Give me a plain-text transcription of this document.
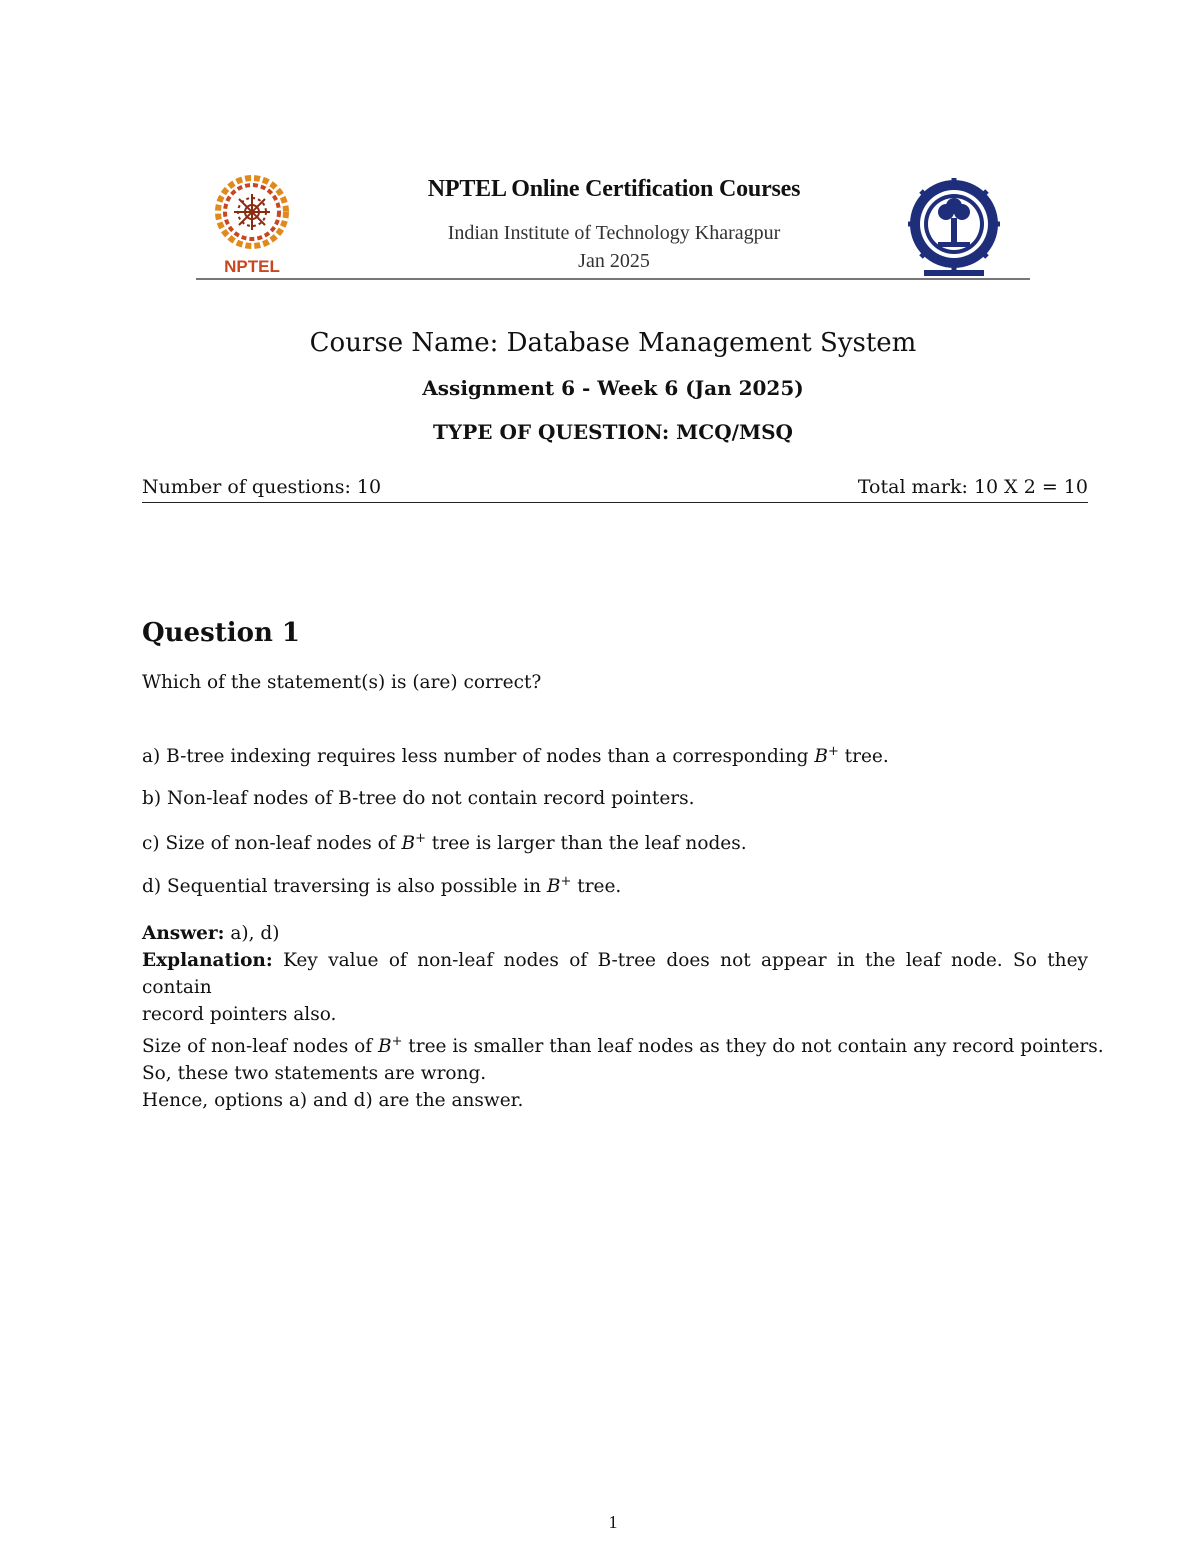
NPTEL
NPTEL Online Certification Courses
Indian Institute of Technology Kharagpur
Jan 2025
Course Name: Database Management System
Assignment 6 - Week 6 (Jan 2025)
TYPE OF QUESTION: MCQ/MSQ
Number of questions: 10	Total mark: 10 X 2 = 10
Question 1
Which of the statement(s) is (are) correct?
a) B-tree indexing requires less number of nodes than a corresponding B+ tree.
b) Non-leaf nodes of B-tree do not contain record pointers.
c) Size of non-leaf nodes of B+ tree is larger than the leaf nodes.
d) Sequential traversing is also possible in B+ tree.
Answer: a), d)
Explanation: Key value of non-leaf nodes of B-tree does not appear in the leaf node. So they contain
record pointers also.
Size of non-leaf nodes of B+ tree is smaller than leaf nodes as they do not contain any record pointers.
So, these two statements are wrong.
Hence, options a) and d) are the answer.
1
